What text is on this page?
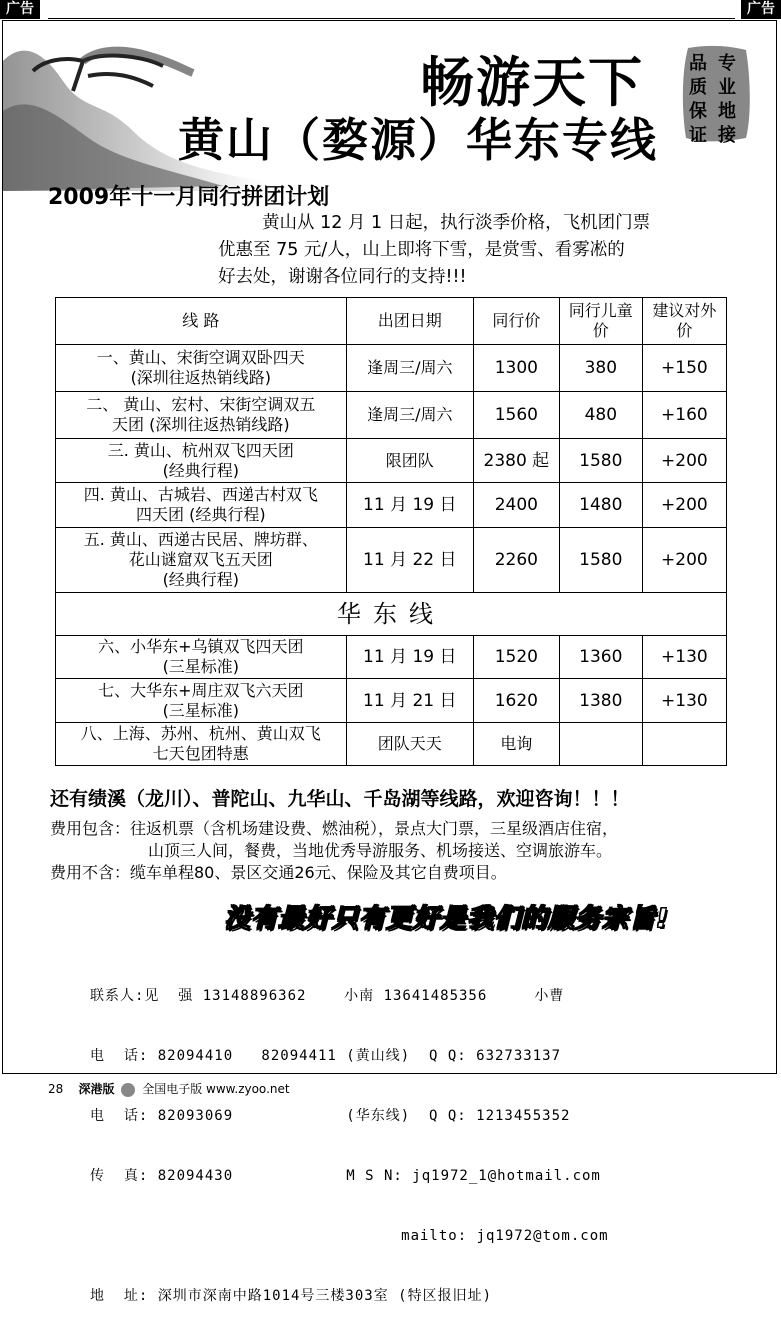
广告	广告
畅游天下
黄山（婺源）华东专线
品
质
保
证
专
业
地
接
2009年十一月同行拼团计划

黄山从 12 月 1 日起，执行淡季价格，飞机团门票

优惠至 75 元/人，山上即将下雪，是赏雪、看雾凇的

好去处，谢谢各位同行的支持!!!

线 路	出团日期	同行价	同行儿童价	建议对外价

一、黄山、宋街空调双卧四天
(深圳往返热销线路)	逢周三/周六	1300	380	+150

二、 黄山、宏村、宋街空调双五
天团 (深圳往返热销线路)	逢周三/周六	1560	480	+160

三. 黄山、杭州双飞四天团
(经典行程)	限团队	2380 起	1580	+200

四. 黄山、古城岩、西递古村双飞
四天团 (经典行程)	11 月 19 日	2400	1480	+200

五. 黄山、西递古民居、牌坊群、
花山谜窟双飞五天团
(经典行程)	11 月 22 日	2260	1580	+200
华东线				

六、小华东+乌镇双飞四天团
(三星标准)	11 月 19 日	1520	1360	+130

七、大华东+周庄双飞六天团
(三星标准)	11 月 21 日	1620	1380	+130

八、上海、苏州、杭州、黄山双飞
七天包团特惠	团队天天	电询		
还有绩溪（龙川）、普陀山、九华山、千岛湖等线路，欢迎咨询！！！
费用包含：往返机票（含机场建设费、燃油税），景点大门票，三星级酒店住宿，
山顶三人间，餐费，当地优秀导游服务、机场接送、空调旅游车。
费用不含：缆车单程80、景区交通26元、保险及其它自费项目。
没有最好只有更好是我们的服务宗旨!

联系人:见  强 13148896362    小南 13641485356     小曹

电  话: 82094410   82094411 (黄山线)  Q Q: 632733137

电  话: 82093069            (华东线)  Q Q: 1213455352

传  真: 82094430            M S N: jq1972_1@hotmail.com

mailto: jq1972@tom.com

地  址: 深圳市深南中路1014号三楼303室 (特区报旧址)

28 深港版 全国电子版 www.zyoo.net
